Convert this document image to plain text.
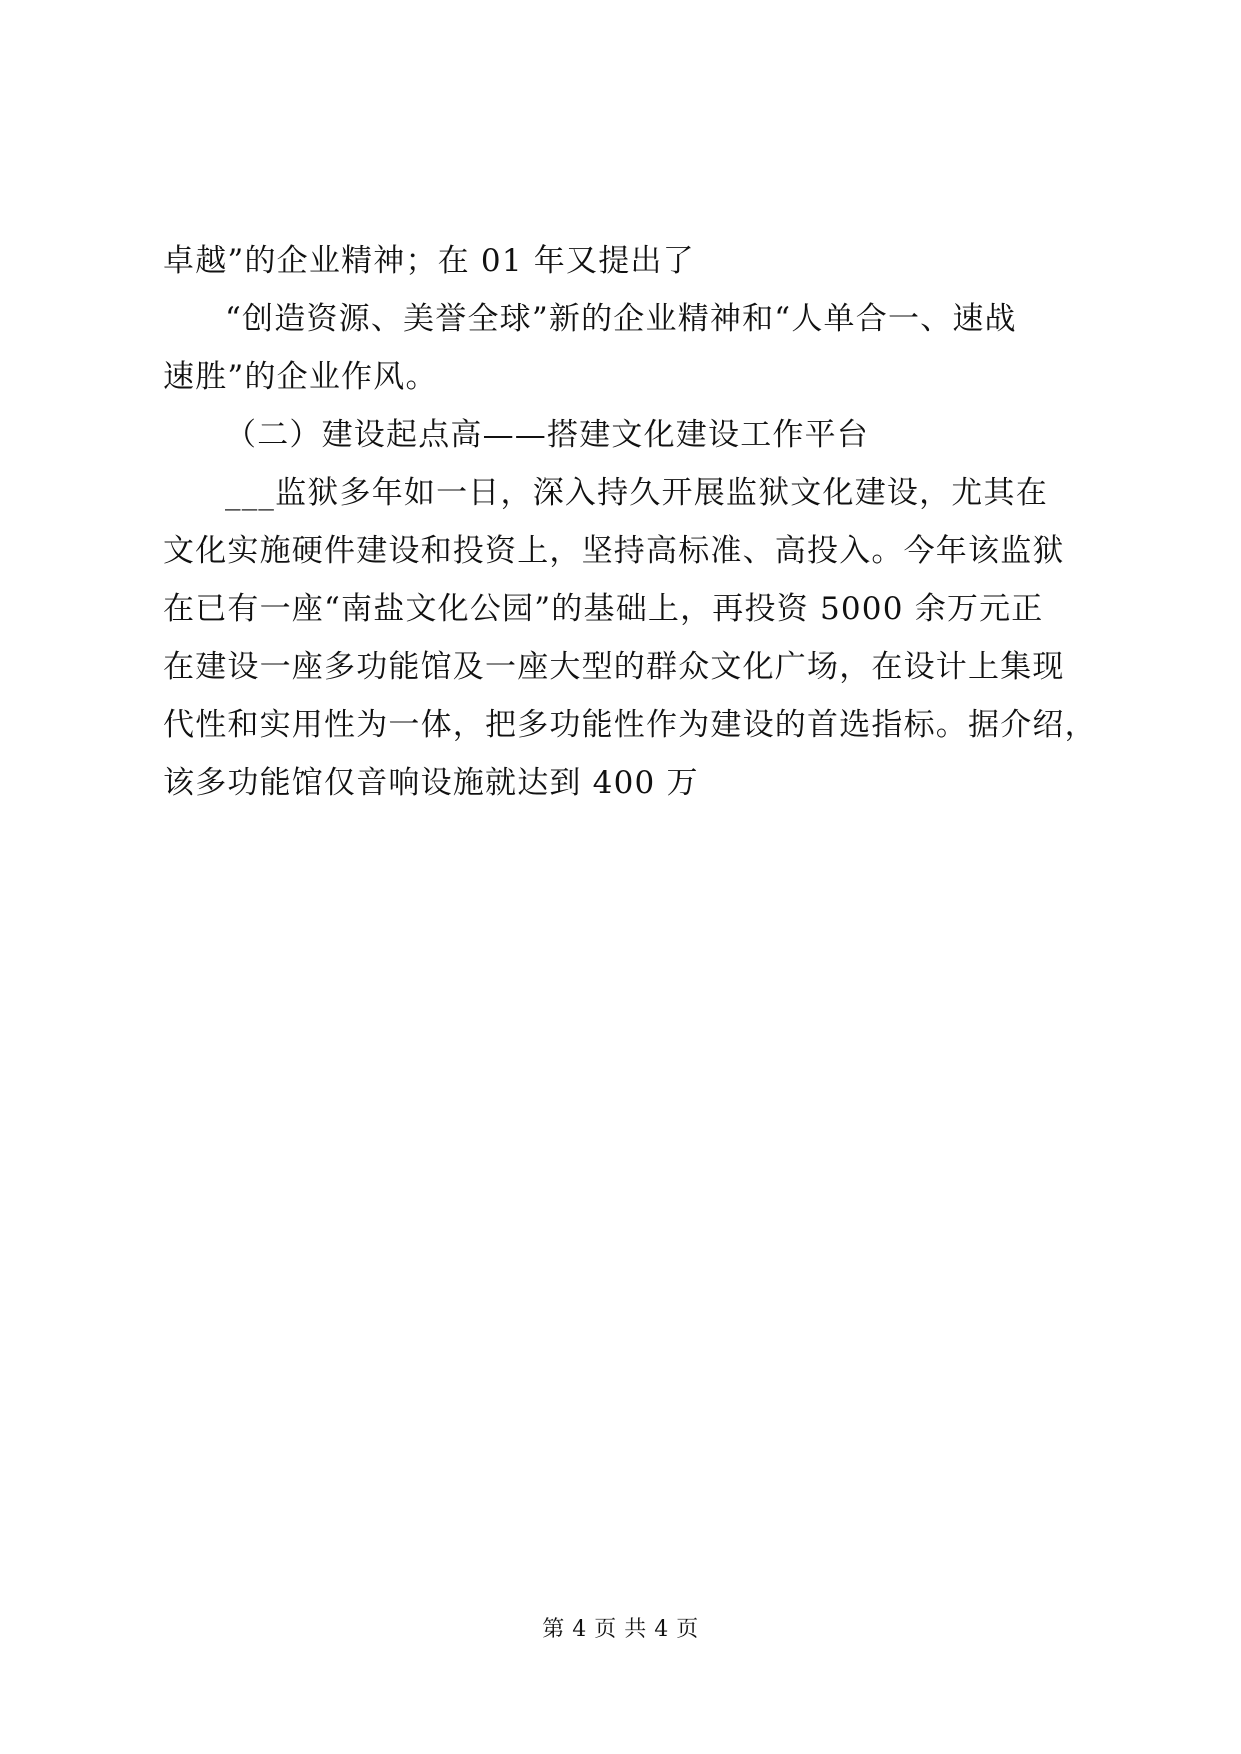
卓越”的企业精神；在 01 年又提出了
“创造资源、美誉全球”新的企业精神和“人单合一、速战
速胜”的企业作风。
（二）建设起点高——搭建文化建设工作平台
___监狱多年如一日，深入持久开展监狱文化建设，尤其在
文化实施硬件建设和投资上，坚持高标准、高投入。今年该监狱
在已有一座“南盐文化公园”的基础上，再投资 5000 余万元正
在建设一座多功能馆及一座大型的群众文化广场，在设计上集现
代性和实用性为一体，把多功能性作为建设的首选指标。据介绍，
该多功能馆仅音响设施就达到 400 万
第 4 页 共 4 页
